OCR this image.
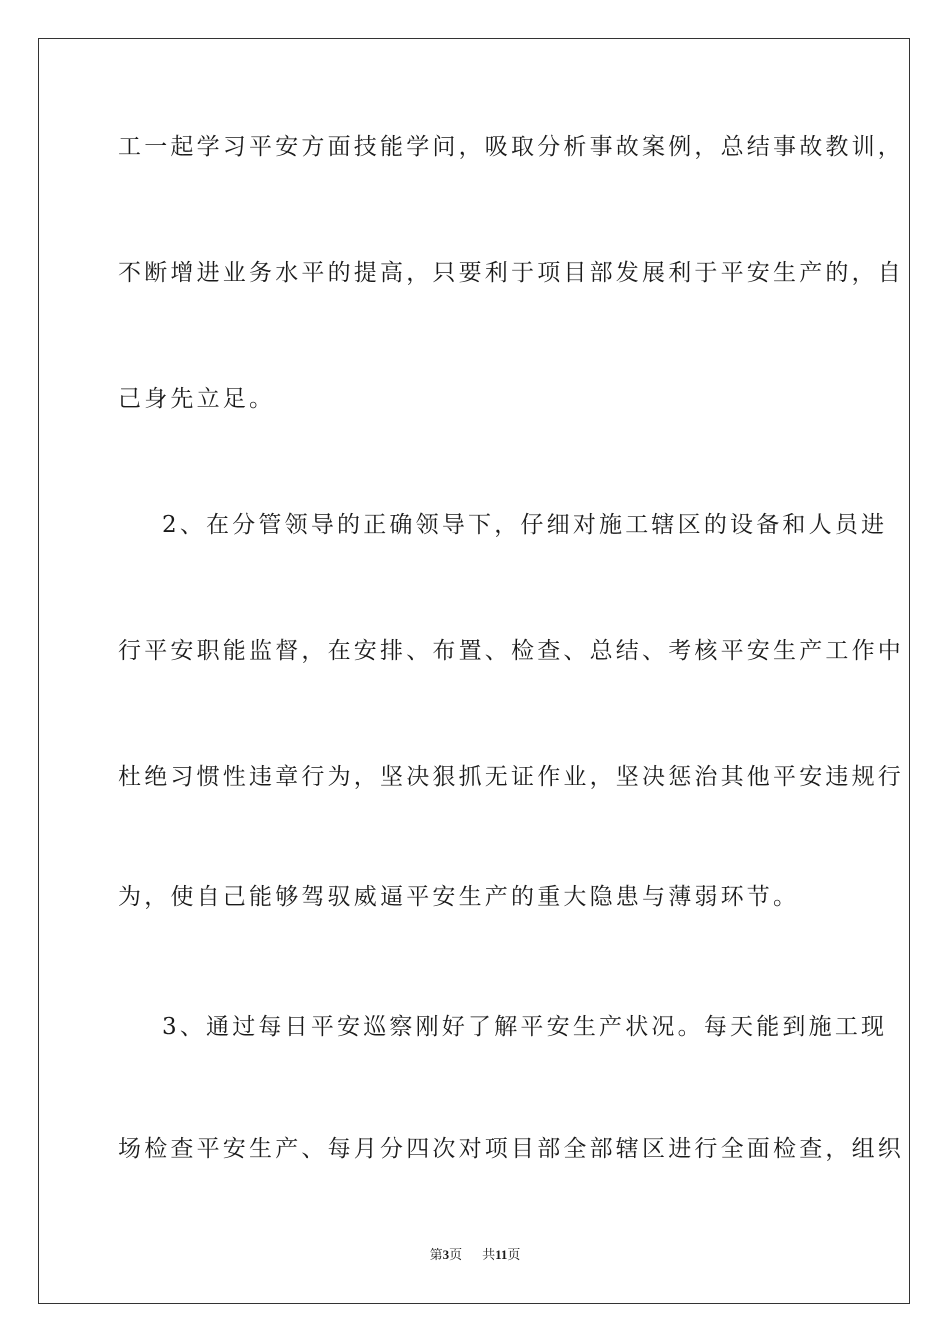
工一起学习平安方面技能学问，吸取分析事故案例，总结事故教训，
不断增进业务水平的提高，只要利于项目部发展利于平安生产的，自
己身先立足。
2、在分管领导的正确领导下，仔细对施工辖区的设备和人员进
行平安职能监督，在安排、布置、检查、总结、考核平安生产工作中
杜绝习惯性违章行为，坚决狠抓无证作业，坚决惩治其他平安违规行
为，使自己能够驾驭威逼平安生产的重大隐患与薄弱环节。
3、通过每日平安巡察刚好了解平安生产状况。每天能到施工现
场检查平安生产、每月分四次对项目部全部辖区进行全面检查，组织
第3页 共11页
